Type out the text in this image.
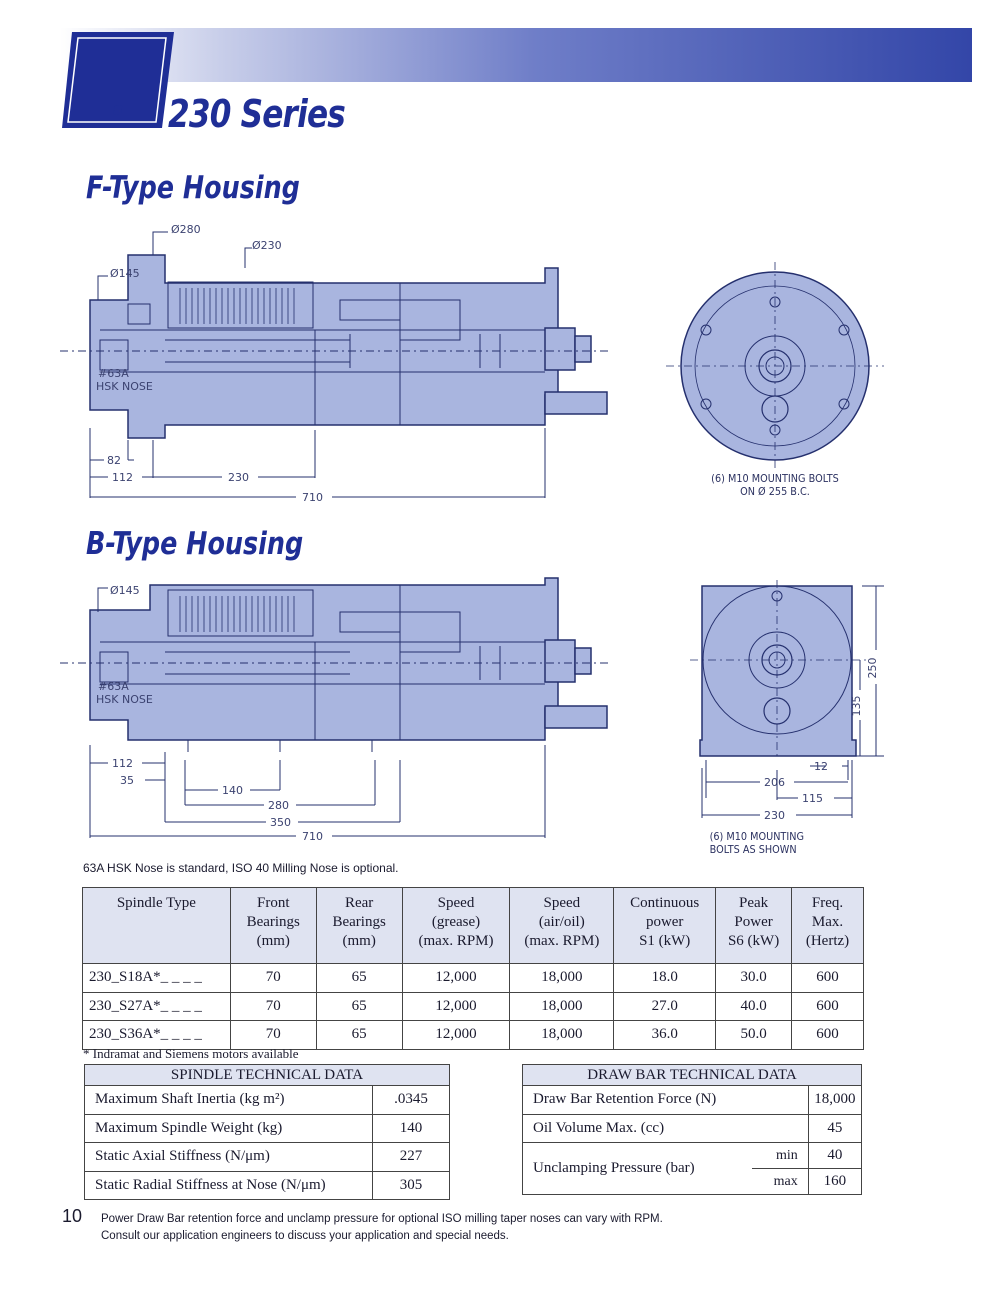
S 230 Series
F-Type Housing
#63A
HSK NOSE
Ø280
Ø230
Ø145
82
112	230
710
#63A
HSK NOSE
Ø145
112
35
140
280
350
710
250
135
12
206
115
230
(6) M10 MOUNTING BOLTS
ON Ø 255 B.C.
B-Type Housing
(6) M10 MOUNTING
BOLTS AS SHOWN
63A HSK Nose is standard, ISO 40 Milling Nose is optional.
Spindle Type	Front
Bearings
(mm)	Rear
Bearings
(mm)	Speed
(grease)
(max. RPM)	Speed
(air/oil)
(max. RPM)	Continuous
power
S1 (kW)	Peak
Power
S6 (kW)	Freq.
Max.
(Hertz)
230_S18A*_ _ _ _	70	65	12,000	18,000	18.0	30.0	600
230_S27A*_ _ _ _	70	65	12,000	18,000	27.0	40.0	600
230_S36A*_ _ _ _	70	65	12,000	18,000	36.0	50.0	600
* Indramat and Siemens motors available
SPINDLE TECHNICAL DATA	
Maximum Shaft Inertia (kg m²)	.0345
Maximum Spindle Weight (kg)	140
Static Axial Stiffness (N/μm)	227
Static Radial Stiffness at Nose (N/μm)	305
DRAW BAR TECHNICAL DATA		
Draw Bar Retention Force (N)		18,000
Oil Volume Max. (cc)		45
Unclamping Pressure (bar)	min	40
	max	160
10 Power Draw Bar retention force and unclamp pressure for optional ISO milling taper noses can vary with RPM.
Consult our application engineers to discuss your application and special needs.
